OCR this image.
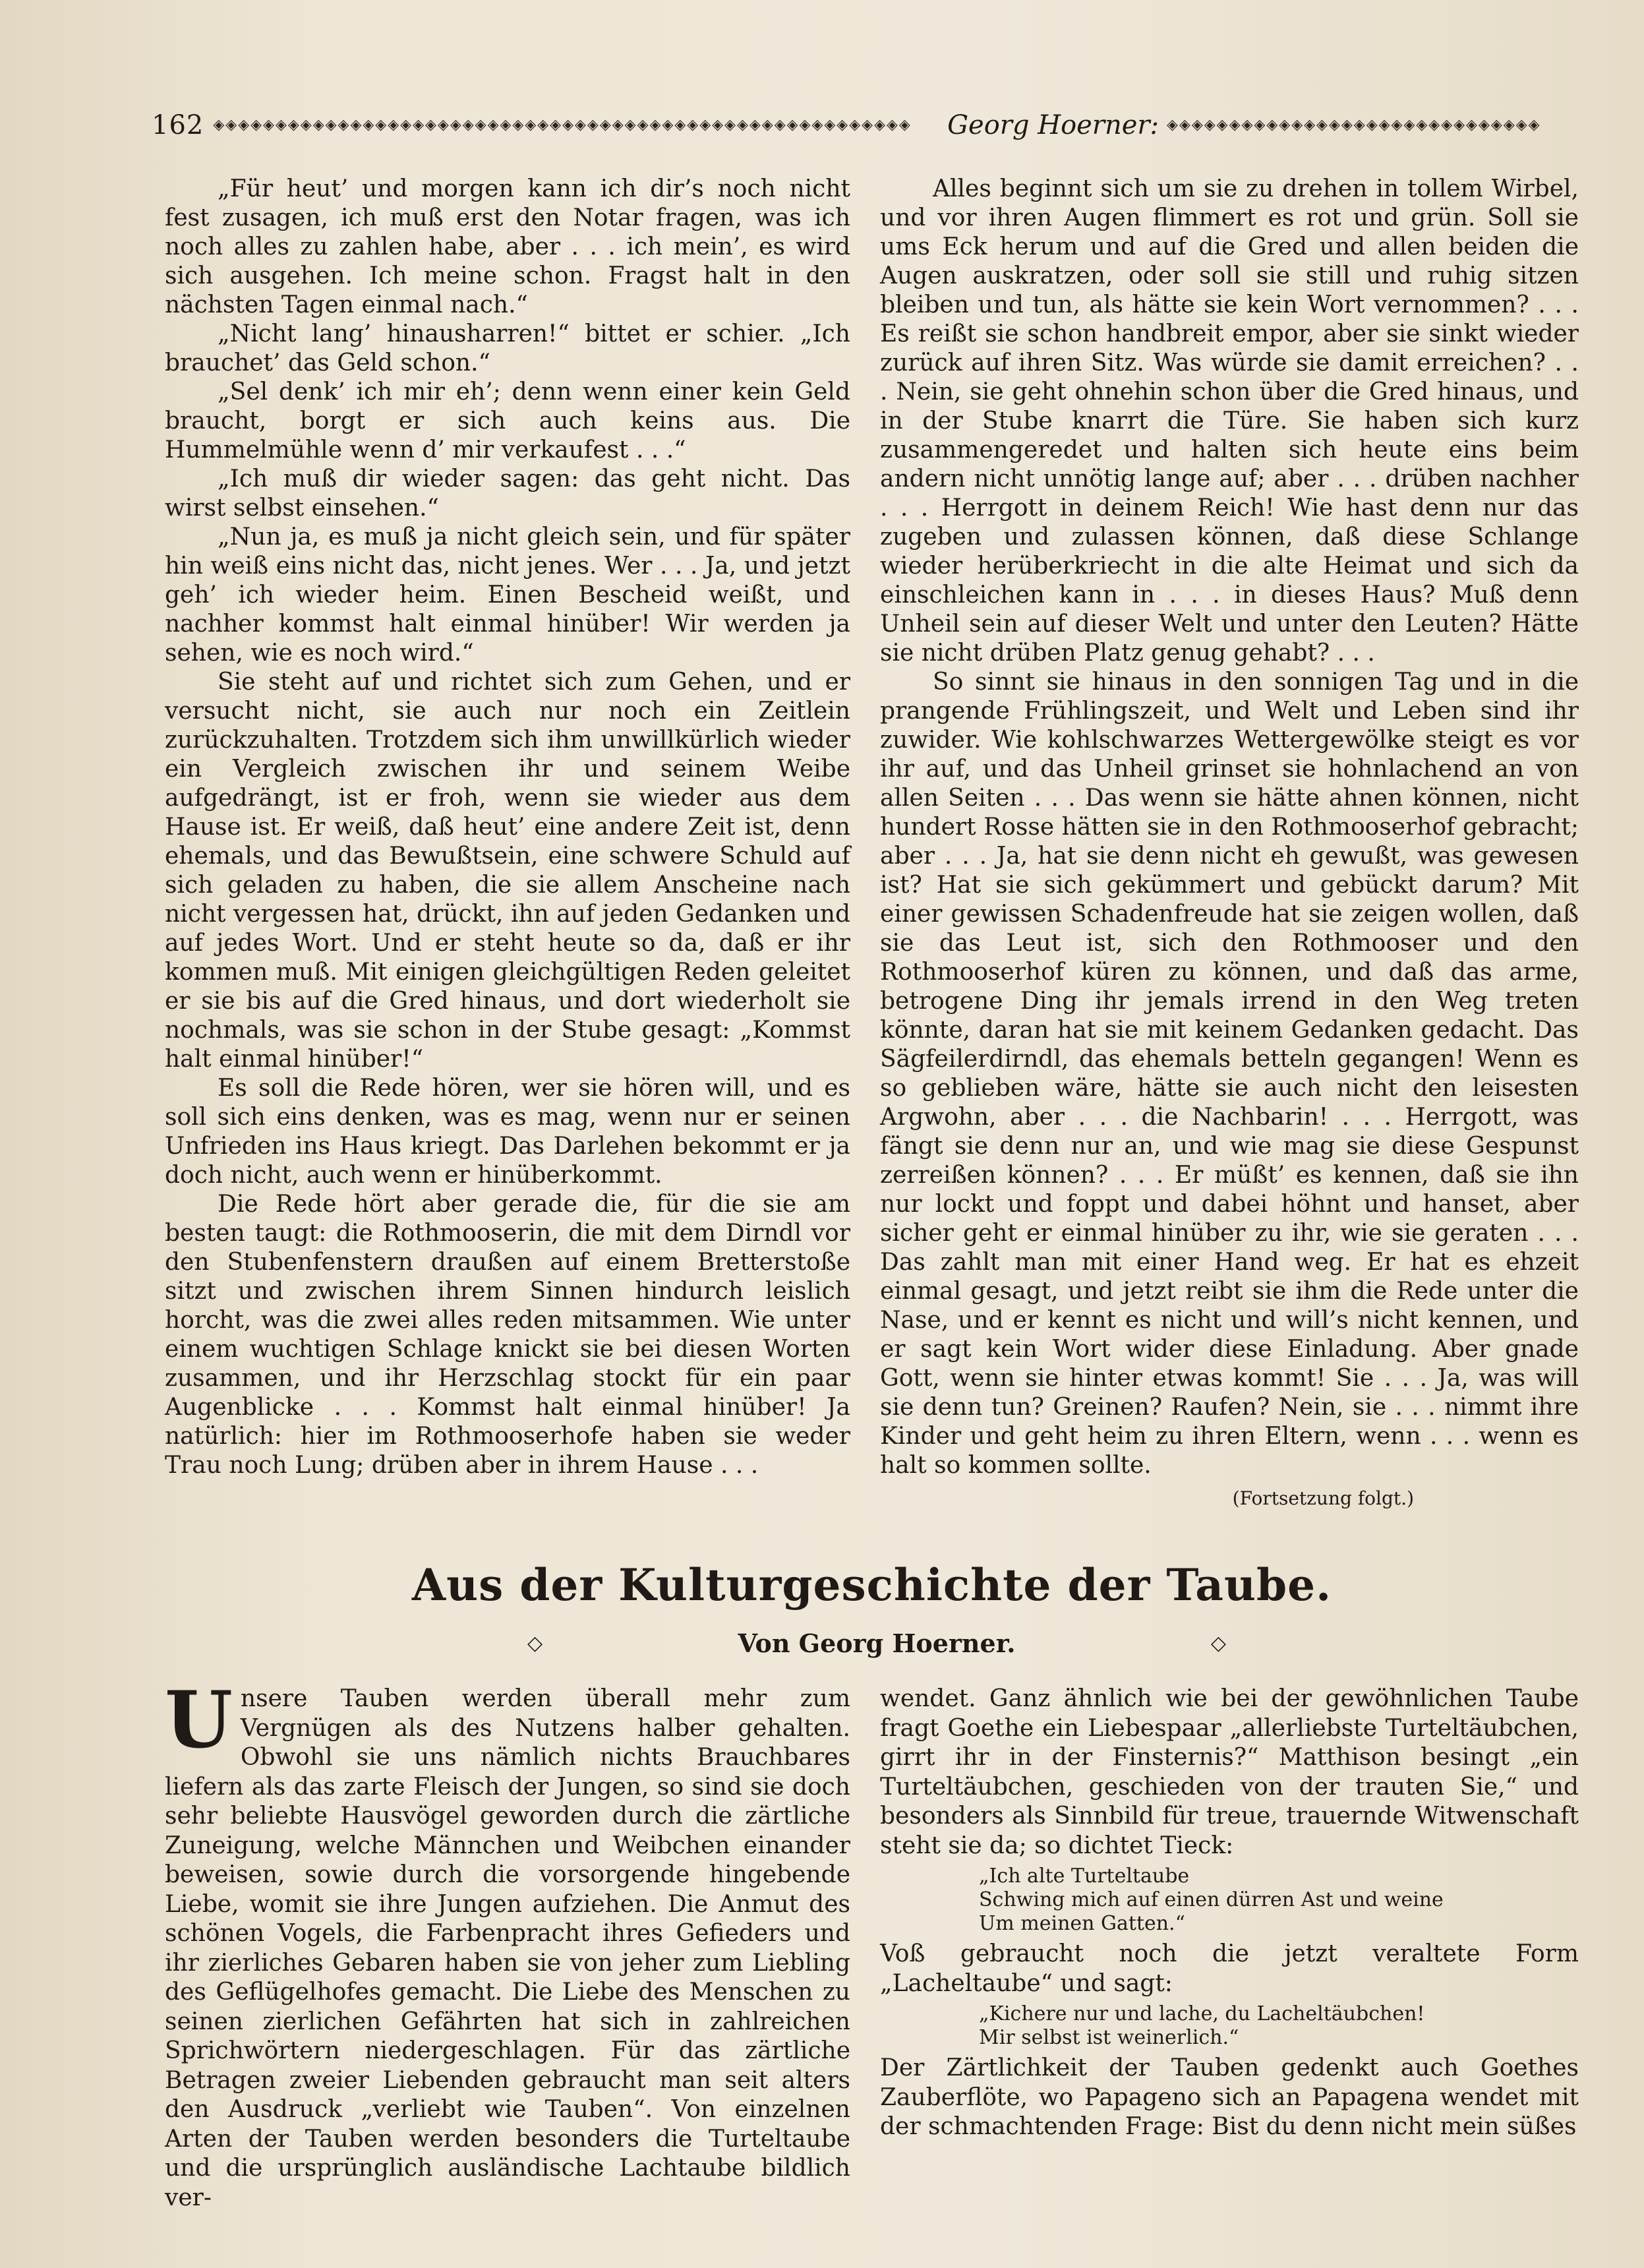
162 ◈◈◈◈◈◈◈◈◈◈◈◈◈◈◈◈◈◈◈◈◈◈◈◈◈◈◈◈◈◈◈◈◈◈◈◈◈◈◈◈◈◈◈◈◈◈◈◈◈◈◈◈◈◈◈◈	Georg Hoerner: ◈◈◈◈◈◈◈◈◈◈◈◈◈◈◈◈◈◈◈◈◈◈◈◈◈◈◈◈◈◈

„Für heut’ und morgen kann ich dir’s noch nicht fest zusagen, ich muß erst den Notar fragen, was ich noch alles zu zahlen habe, aber . . . ich mein’, es wird sich ausgehen. Ich meine schon. Fragst halt in den nächsten Tagen einmal nach.“

„Nicht lang’ hinausharren!“ bittet er schier. „Ich brauchet’ das Geld schon.“

„Sel denk’ ich mir eh’; denn wenn einer kein Geld braucht, borgt er sich auch keins aus. Die Hummelmühle wenn d’ mir verkaufest . . .“

„Ich muß dir wieder sagen: das geht nicht. Das wirst selbst einsehen.“

„Nun ja, es muß ja nicht gleich sein, und für später hin weiß eins nicht das, nicht jenes. Wer . . . Ja, und jetzt geh’ ich wieder heim. Einen Bescheid weißt, und nachher kommst halt einmal hinüber! Wir werden ja sehen, wie es noch wird.“

Sie steht auf und richtet sich zum Gehen, und er versucht nicht, sie auch nur noch ein Zeitlein zurückzuhalten. Trotzdem sich ihm unwillkürlich wieder ein Vergleich zwischen ihr und seinem Weibe aufgedrängt, ist er froh, wenn sie wieder aus dem Hause ist. Er weiß, daß heut’ eine andere Zeit ist, denn ehemals, und das Bewußtsein, eine schwere Schuld auf sich geladen zu haben, die sie allem Anscheine nach nicht vergessen hat, drückt, ihn auf jeden Gedanken und auf jedes Wort. Und er steht heute so da, daß er ihr kommen muß. Mit einigen gleichgültigen Reden geleitet er sie bis auf die Gred hinaus, und dort wiederholt sie nochmals, was sie schon in der Stube gesagt: „Kommst halt einmal hinüber!“

Es soll die Rede hören, wer sie hören will, und es soll sich eins denken, was es mag, wenn nur er seinen Unfrieden ins Haus kriegt. Das Darlehen bekommt er ja doch nicht, auch wenn er hinüberkommt.

Die Rede hört aber gerade die, für die sie am besten taugt: die Rothmooserin, die mit dem Dirndl vor den Stubenfenstern draußen auf einem Bretterstoße sitzt und zwischen ihrem Sinnen hindurch leislich horcht, was die zwei alles reden mitsammen. Wie unter einem wuchtigen Schlage knickt sie bei diesen Worten zusammen, und ihr Herzschlag stockt für ein paar Augenblicke . . . Kommst halt einmal hinüber! Ja natürlich: hier im Rothmooserhofe haben sie weder Trau noch Lung; drüben aber in ihrem Hause . . .

Alles beginnt sich um sie zu drehen in tollem Wirbel, und vor ihren Augen flimmert es rot und grün. Soll sie ums Eck herum und auf die Gred und allen beiden die Augen auskratzen, oder soll sie still und ruhig sitzen bleiben und tun, als hätte sie kein Wort vernommen? . . . Es reißt sie schon handbreit empor, aber sie sinkt wieder zurück auf ihren Sitz. Was würde sie damit erreichen? . . . Nein, sie geht ohnehin schon über die Gred hinaus, und in der Stube knarrt die Türe. Sie haben sich kurz zusammengeredet und halten sich heute eins beim andern nicht unnötig lange auf; aber . . . drüben nachher . . . Herrgott in deinem Reich! Wie hast denn nur das zugeben und zulassen können, daß diese Schlange wieder herüberkriecht in die alte Heimat und sich da einschleichen kann in . . . in dieses Haus? Muß denn Unheil sein auf dieser Welt und unter den Leuten? Hätte sie nicht drüben Platz genug gehabt? . . .

So sinnt sie hinaus in den sonnigen Tag und in die prangende Frühlingszeit, und Welt und Leben sind ihr zuwider. Wie kohlschwarzes Wettergewölke steigt es vor ihr auf, und das Unheil grinset sie hohnlachend an von allen Seiten . . . Das wenn sie hätte ahnen können, nicht hundert Rosse hätten sie in den Rothmooserhof gebracht; aber . . . Ja, hat sie denn nicht eh gewußt, was gewesen ist? Hat sie sich gekümmert und gebückt darum? Mit einer gewissen Schadenfreude hat sie zeigen wollen, daß sie das Leut ist, sich den Rothmooser und den Rothmooserhof küren zu können, und daß das arme, betrogene Ding ihr jemals irrend in den Weg treten könnte, daran hat sie mit keinem Gedanken gedacht. Das Sägfeilerdirndl, das ehemals betteln gegangen! Wenn es so geblieben wäre, hätte sie auch nicht den leisesten Argwohn, aber . . . die Nachbarin! . . . Herrgott, was fängt sie denn nur an, und wie mag sie diese Gespunst zerreißen können? . . . Er müßt’ es kennen, daß sie ihn nur lockt und foppt und dabei höhnt und hanset, aber sicher geht er einmal hinüber zu ihr, wie sie geraten . . . Das zahlt man mit einer Hand weg. Er hat es ehzeit einmal gesagt, und jetzt reibt sie ihm die Rede unter die Nase, und er kennt es nicht und will’s nicht kennen, und er sagt kein Wort wider diese Einladung. Aber gnade Gott, wenn sie hinter etwas kommt! Sie . . . Ja, was will sie denn tun? Greinen? Raufen? Nein, sie . . . nimmt ihre Kinder und geht heim zu ihren Eltern, wenn . . . wenn es halt so kommen sollte.

(Fortsetzung folgt.)
Aus der Kulturgeschichte der Taube.
◇	Von Georg Hoerner.	◇

Unsere Tauben werden überall mehr zum Vergnügen als des Nutzens halber gehalten. Obwohl sie uns nämlich nichts Brauchbares liefern als das zarte Fleisch der Jungen, so sind sie doch sehr beliebte Hausvögel geworden durch die zärtliche Zuneigung, welche Männchen und Weibchen einander beweisen, sowie durch die vorsorgende hingebende Liebe, womit sie ihre Jungen aufziehen. Die Anmut des schönen Vogels, die Farbenpracht ihres Gefieders und ihr zierliches Gebaren haben sie von jeher zum Liebling des Geflügelhofes gemacht. Die Liebe des Menschen zu seinen zierlichen Gefährten hat sich in zahlreichen Sprichwörtern niedergeschlagen. Für das zärtliche Betragen zweier Liebenden gebraucht man seit alters den Ausdruck „verliebt wie Tauben“. Von einzelnen Arten der Tauben werden besonders die Turteltaube und die ursprünglich ausländische Lachtaube bildlich ver-

wendet. Ganz ähnlich wie bei der gewöhnlichen Taube fragt Goethe ein Liebespaar „allerliebste Turteltäubchen, girrt ihr in der Finsternis?“ Matthison besingt „ein Turteltäubchen, geschieden von der trauten Sie,“ und besonders als Sinnbild für treue, trauernde Witwenschaft steht sie da; so dichtet Tieck:

„Ich alte Turteltaube
Schwing mich auf einen dürren Ast und weine
Um meinen Gatten.“

Voß gebraucht noch die jetzt veraltete Form „Lacheltaube“ und sagt:

„Kichere nur und lache, du Lacheltäubchen!
Mir selbst ist weinerlich.“

Der Zärtlichkeit der Tauben gedenkt auch Goethes Zauberflöte, wo Papageno sich an Papagena wendet mit der schmachtenden Frage: Bist du denn nicht mein süßes
